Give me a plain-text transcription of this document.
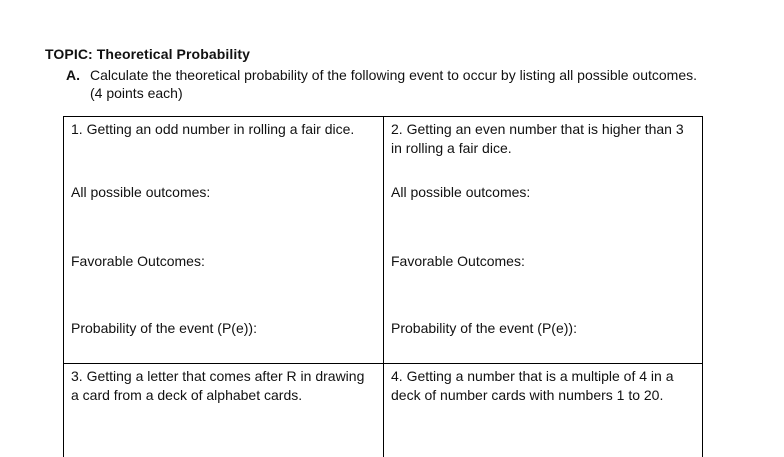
TOPIC: Theoretical Probability
A. Calculate the theoretical probability of the following event to occur by listing all possible outcomes. (4 points each)
1. Getting an odd number in rolling a fair dice.
All possible outcomes:
Favorable Outcomes:
Probability of the event (P(e)):
2. Getting an even number that is higher than 3 in rolling a fair dice.
All possible outcomes:
Favorable Outcomes:
Probability of the event (P(e)):
3. Getting a letter that comes after R in drawing a card from a deck of alphabet cards.
4. Getting a number that is a multiple of 4 in a deck of number cards with numbers 1 to 20.
